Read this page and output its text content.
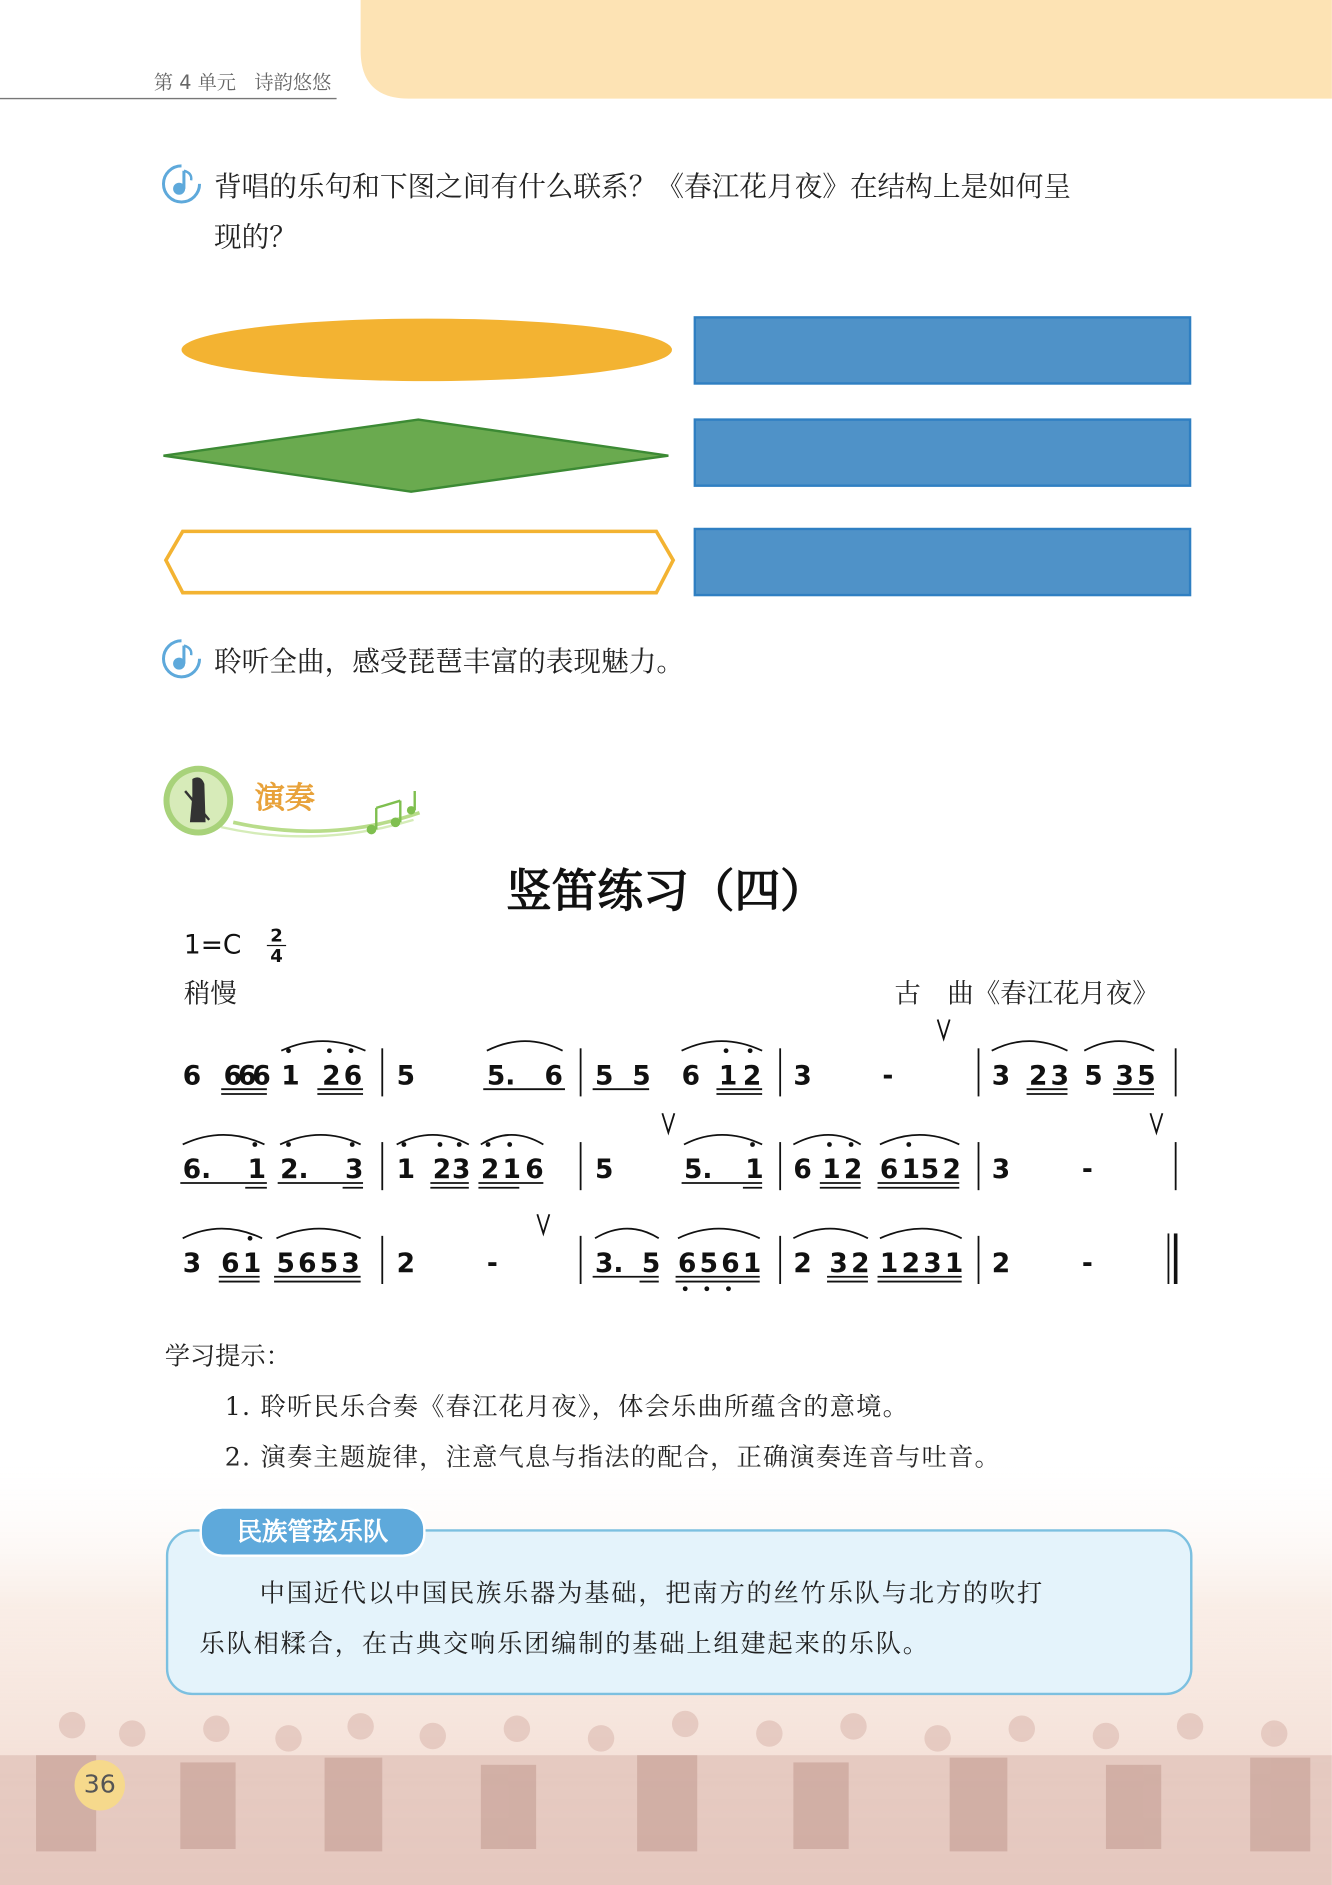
第 4 单元 诗韵悠悠
背唱的乐句和下图之间有什么联系？《春江花月夜》在结构上是如何呈
现的？
聆听全曲，感受琵琶丰富的表现魅力。
演奏
竖笛练习（四）
1=C 2
4
稍慢	古　曲《春江花月夜》
6 6
6
6 1 2 6 5	5. 6 5 5 6 1 2 3	-	3 2 3 5 3 5
6. 1 2. 3 1 2 3 2 1 6 5	5. 1 6 1 2 6 1 5 2 3	-
3 6 1 5 6 5 3 2	-	3. 5 6 5 6 1 2 3 2 1 2 3 1 2	-
学习提示：
1. 聆听民乐合奏《春江花月夜》，体会乐曲所蕴含的意境。
民族管弦乐队
中国近代以中国民族乐器为基础，把南方的丝竹乐队与北方的吹打
乐队相糅合，在古典交响乐团编制的基础上组建起来的乐队。
36
